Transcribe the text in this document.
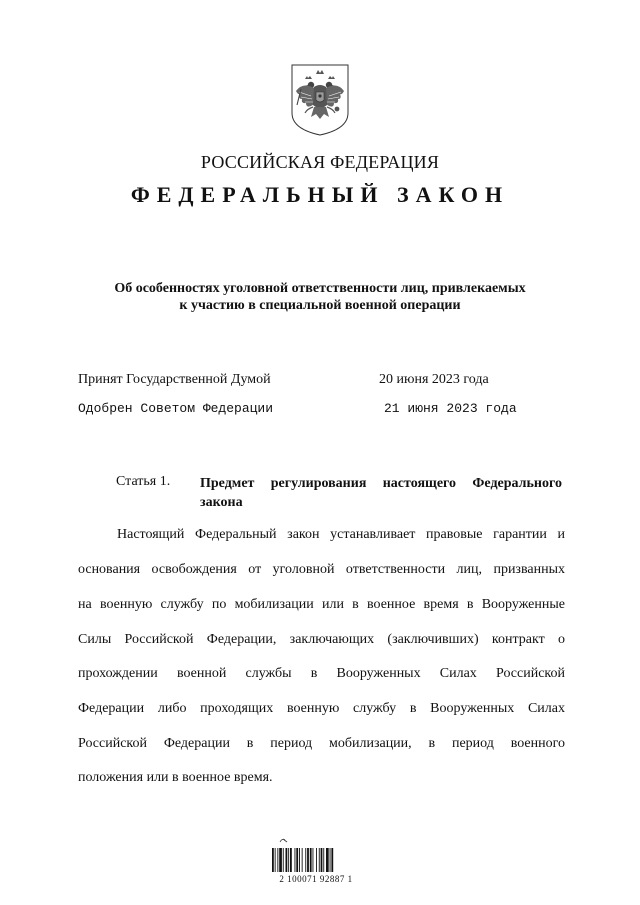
РОССИЙСКАЯ ФЕДЕРАЦИЯ
ФЕДЕРАЛЬНЫЙ ЗАКОН
Об особенностях уголовной ответственности лиц, привлекаемых
к участию в специальной военной операции
Принят Государственной Думой	20 июня 2023 года
Одобрен Советом Федерации	21 июня 2023 года
Статья 1. Предмет регулирования настоящего Федерального закона
Настоящий Федеральный закон устанавливает правовые гарантии и
основания освобождения от уголовной ответственности лиц, призванных
на военную службу по мобилизации или в военное время в Вооруженные
Силы Российской Федерации, заключающих (заключивших) контракт о
прохождении военной службы в Вооруженных Силах Российской
Федерации либо проходящих военную службу в Вооруженных Силах
Российской Федерации в период мобилизации, в период военного
положения или в военное время.
2 100071 92887 1
